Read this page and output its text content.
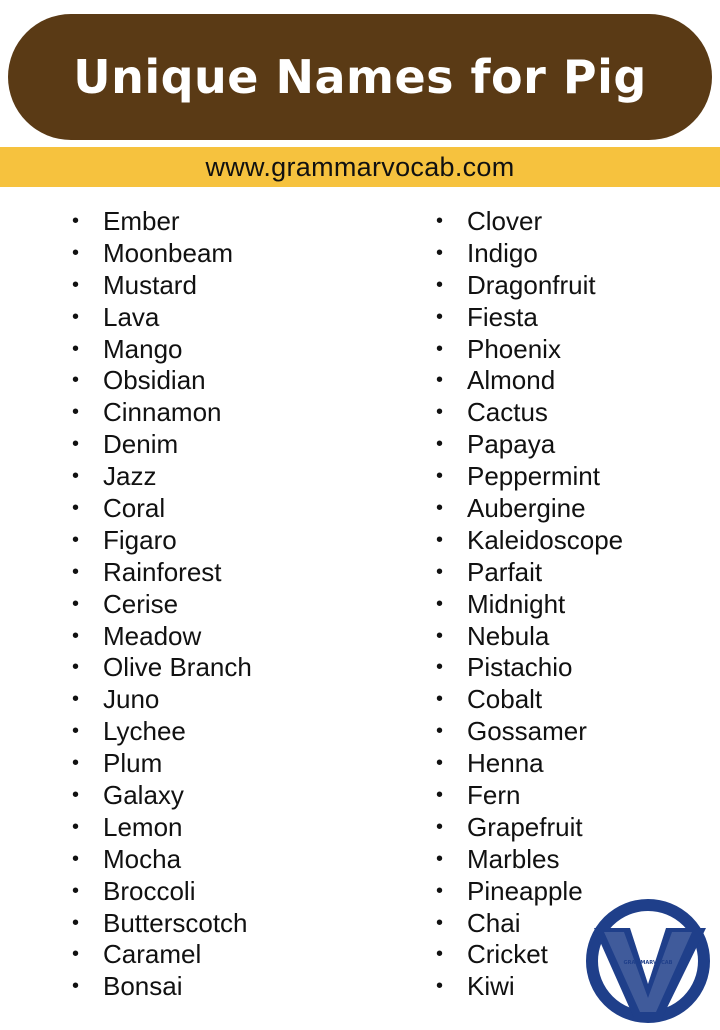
Unique Names for Pig
www.grammarvocab.com
• Ember
• Moonbeam
• Mustard
• Lava
• Mango
• Obsidian
• Cinnamon
• Denim
• Jazz
• Coral
• Figaro
• Rainforest
• Cerise
• Meadow
• Olive Branch
• Juno
• Lychee
• Plum
• Galaxy
• Lemon
• Mocha
• Broccoli
• Butterscotch
• Caramel
• Bonsai
• Clover
• Indigo
• Dragonfruit
• Fiesta
• Phoenix
• Almond
• Cactus
• Papaya
• Peppermint
• Aubergine
• Kaleidoscope
• Parfait
• Midnight
• Nebula
• Pistachio
• Cobalt
• Gossamer
• Henna
• Fern
• Grapefruit
• Marbles
• Pineapple
• Chai
• Cricket
• Kiwi
GRAMMARVOCAB
